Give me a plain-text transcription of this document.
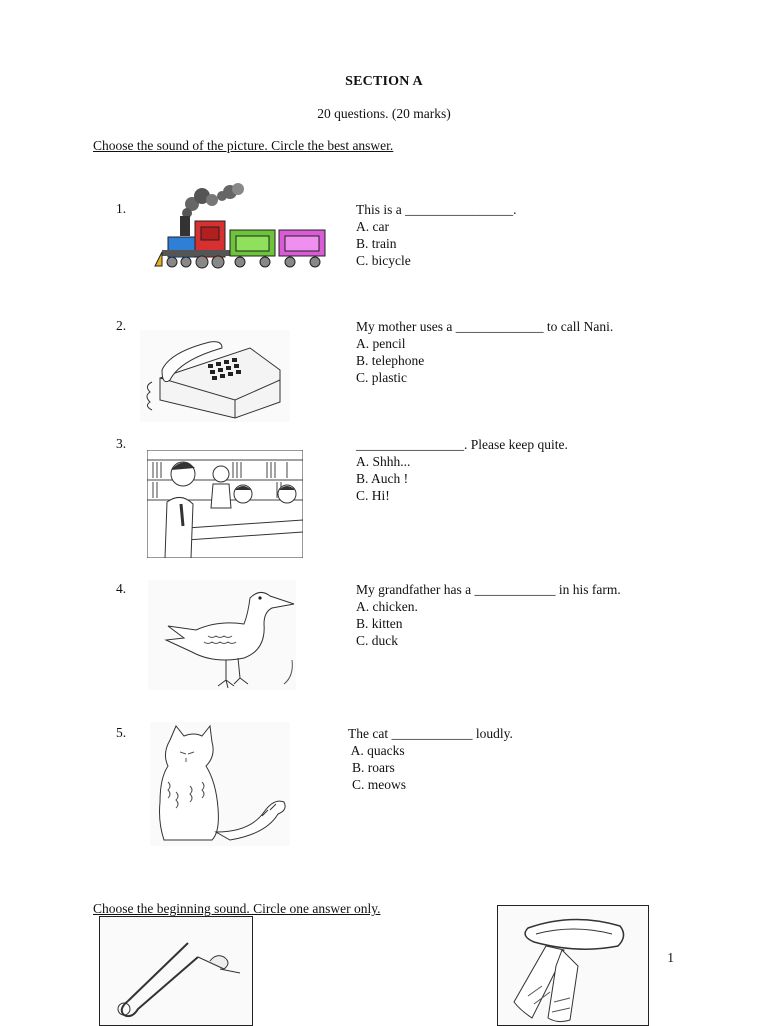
SECTION A
20 questions. (20 marks)
Choose the sound of the picture. Circle the best answer.
1.	This is a ________________.
A. car
B. train
C. bicycle
2.	My mother uses a _____________ to call Nani.
A. pencil
B. telephone
C. plastic
3.	________________. Please keep quite.
A. Shhh...
B. Auch !
C. Hi!
4.	My grandfather has a ____________ in his farm.
A. chicken.
B. kitten
C. duck
5.	The cat ____________ loudly.
A. quacks
B. roars
C. meows
Choose the beginning sound. Circle one answer only.
1
